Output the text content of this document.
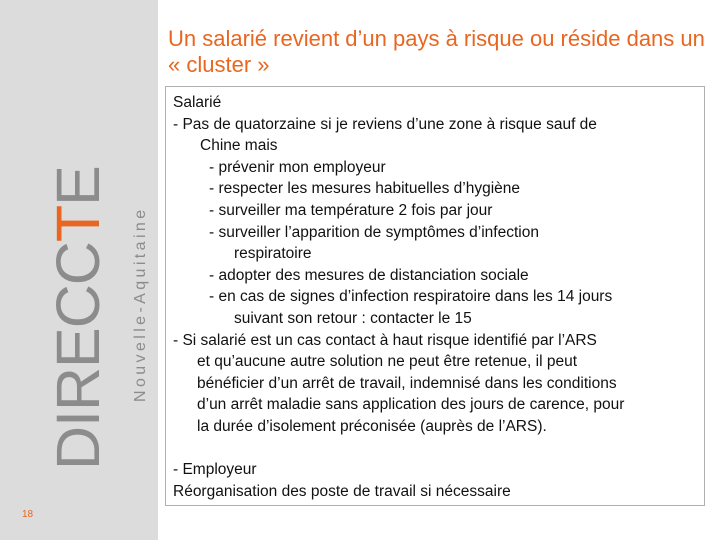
DIRECCTE
Nouvelle-Aquitaine
18
Un salarié revient d’un pays à risque ou réside dans un « cluster »
Salarié
- Pas de quatorzaine si je reviens d’une zone à risque sauf de
Chine mais
- prévenir mon employeur
- respecter les mesures habituelles d’hygiène
- surveiller ma température 2 fois par jour
- surveiller l’apparition de symptômes d’infection
respiratoire
- adopter des mesures de distanciation sociale
- en cas de signes d’infection respiratoire dans les 14 jours
suivant son retour : contacter le 15
- Si salarié est un cas contact à haut risque identifié par l’ARS
et qu’aucune autre solution ne peut être retenue, il peut
bénéficier d’un arrêt de travail, indemnisé dans les conditions
d’un arrêt maladie sans application des jours de carence, pour
la durée d’isolement préconisée (auprès de l’ARS).
- Employeur
Réorganisation des poste de travail si nécessaire
